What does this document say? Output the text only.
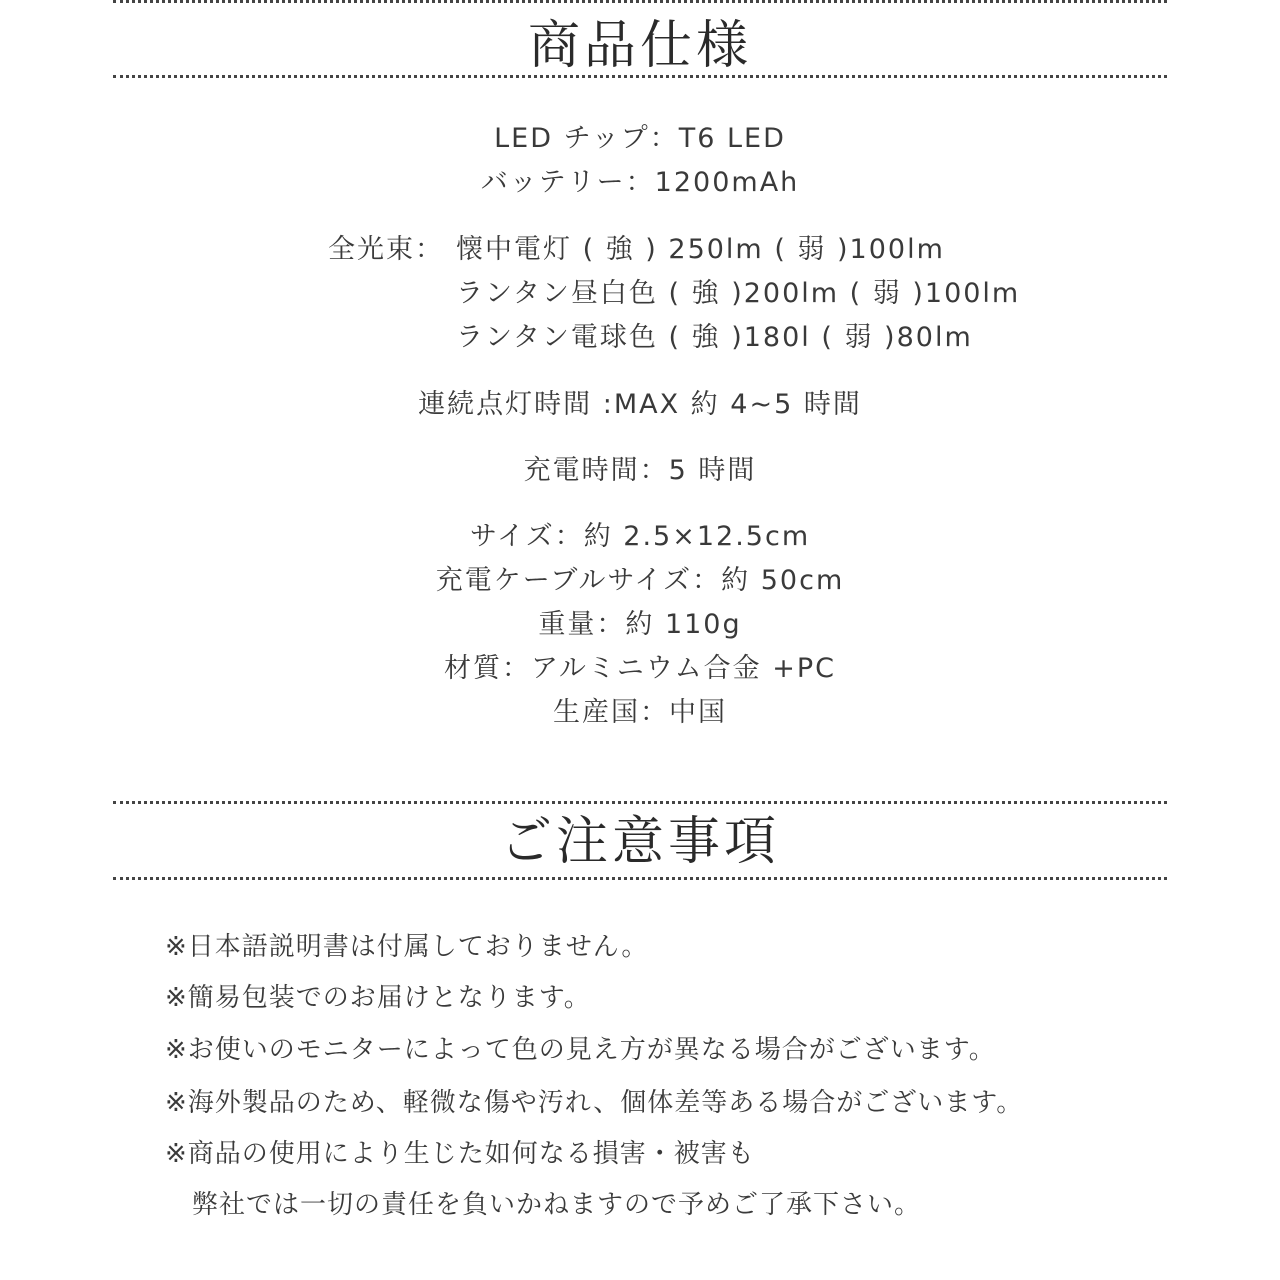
商品仕様
LED チップ：T6 LED
バッテリー：1200mAh
全光束： 懐中電灯 ( 強 ) 250lm ( 弱 )100lm
ランタン昼白色 ( 強 )200lm ( 弱 )100lm
ランタン電球色 ( 強 )180l ( 弱 )80lm
連続点灯時間 :MAX 約 4~5 時間
充電時間：5 時間
サイズ：約 2.5×12.5cm
充電ケーブルサイズ：約 50cm
重量：約 110g
材質：アルミニウム合金 +PC
生産国：中国
ご注意事項
※日本語説明書は付属しておりません。
※簡易包装でのお届けとなります。
※お使いのモニターによって色の見え方が異なる場合がございます。
※海外製品のため、軽微な傷や汚れ、個体差等ある場合がございます。
※商品の使用により生じた如何なる損害・被害も
　弊社では一切の責任を負いかねますので予めご了承下さい。
